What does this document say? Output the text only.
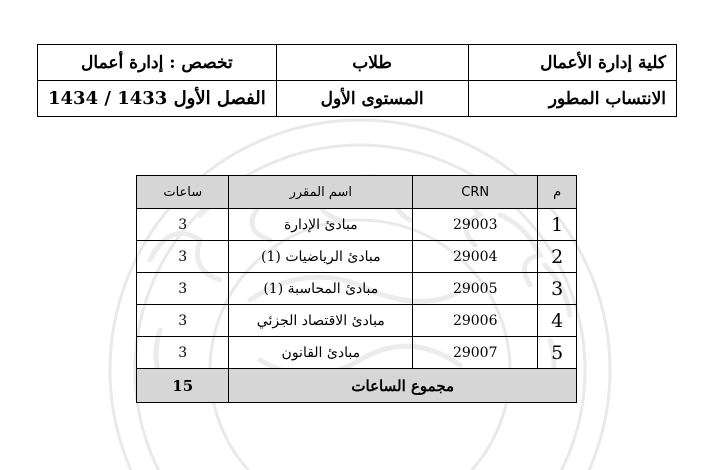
كلية إدارة الأعمال	طلاب	تخصص : إدارة أعمال
الانتساب المطور	المستوى الأول	الفصل الأول 1433 / 1434
م	CRN	اسم المقرر	ساعات
1	29003	مبادئ الإدارة	3
2	29004	مبادئ الرياضيات (1)	3
3	29005	مبادئ المحاسبة (1)	3
4	29006	مبادئ الاقتصاد الجزئي	3
5	29007	مبادئ القانون	3
مجموع الساعات			15
